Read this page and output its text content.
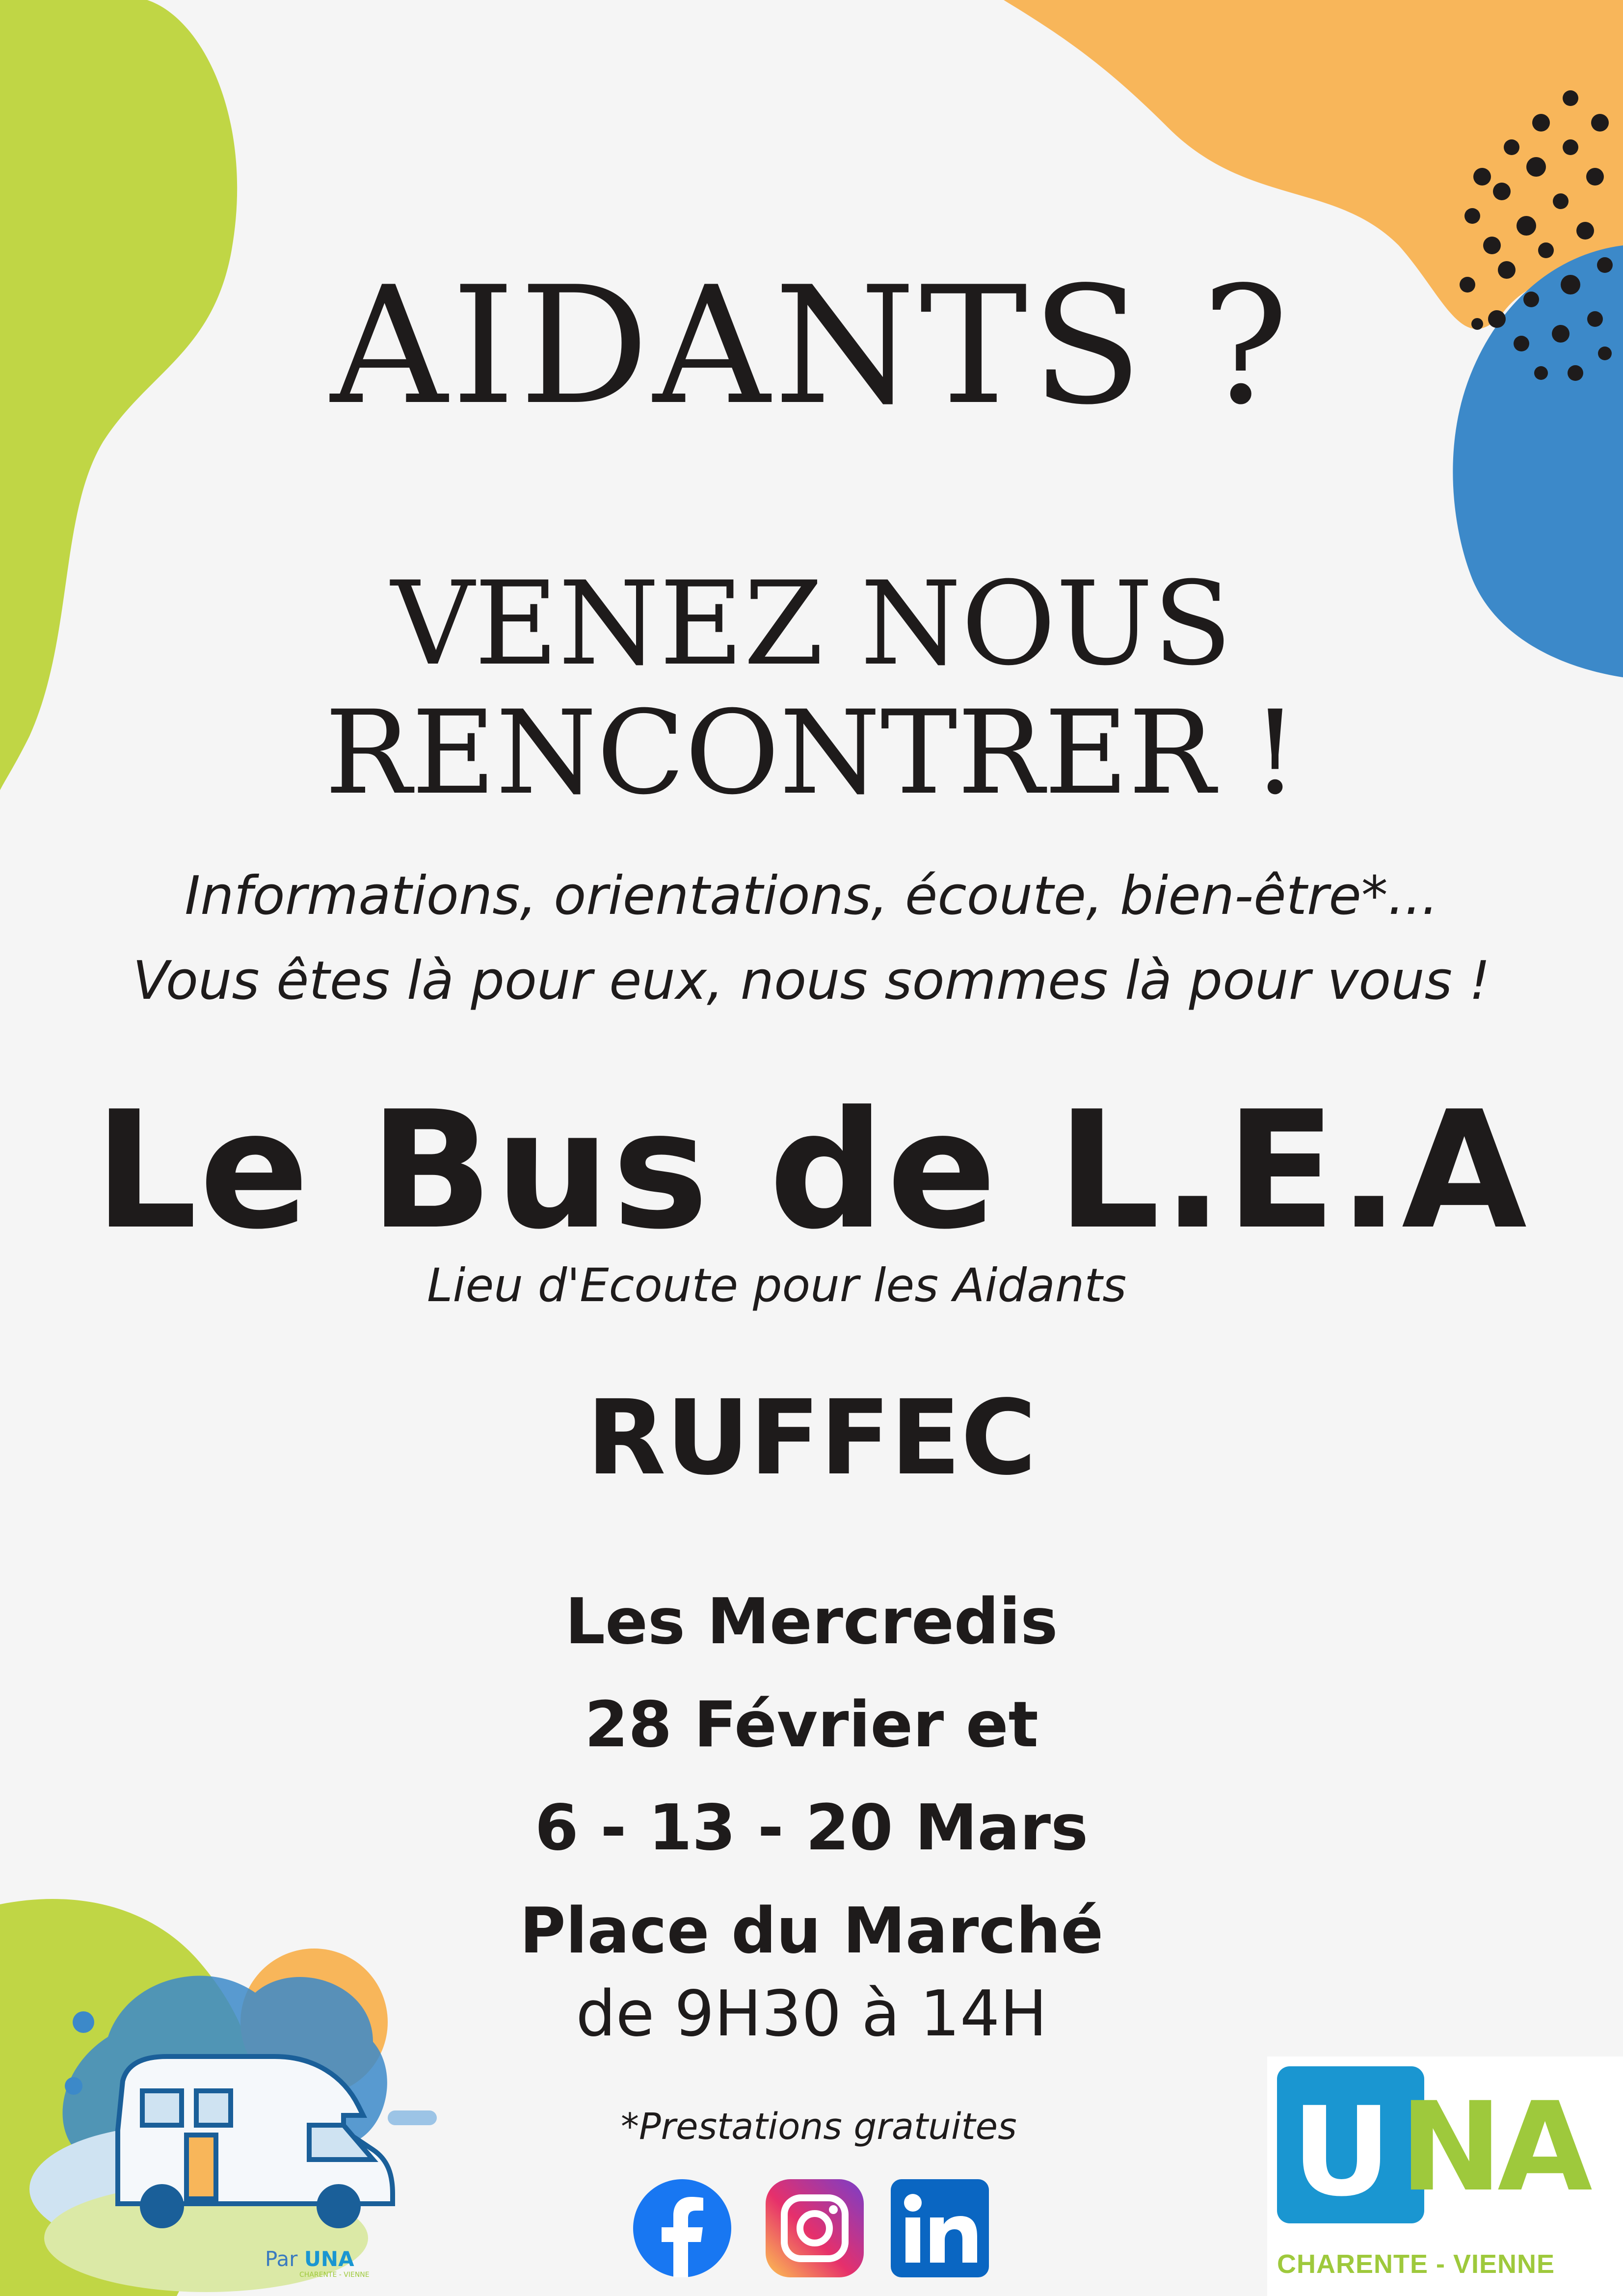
AIDANTS ?
VENEZ NOUS
RENCONTRER !
Informations, orientations, écoute, bien-être*...
Vous êtes là pour eux, nous sommes là pour vous !
Le Bus de L.E.A
Lieu d'Ecoute pour les Aidants
RUFFEC
Les Mercredis
28 Février et
6 - 13 - 20 Mars
Place du Marché
de 9H30 à 14H
*Prestations gratuites
Par UNA
CHARENTE - VIENNE
U NA
CHARENTE - VIENNE
